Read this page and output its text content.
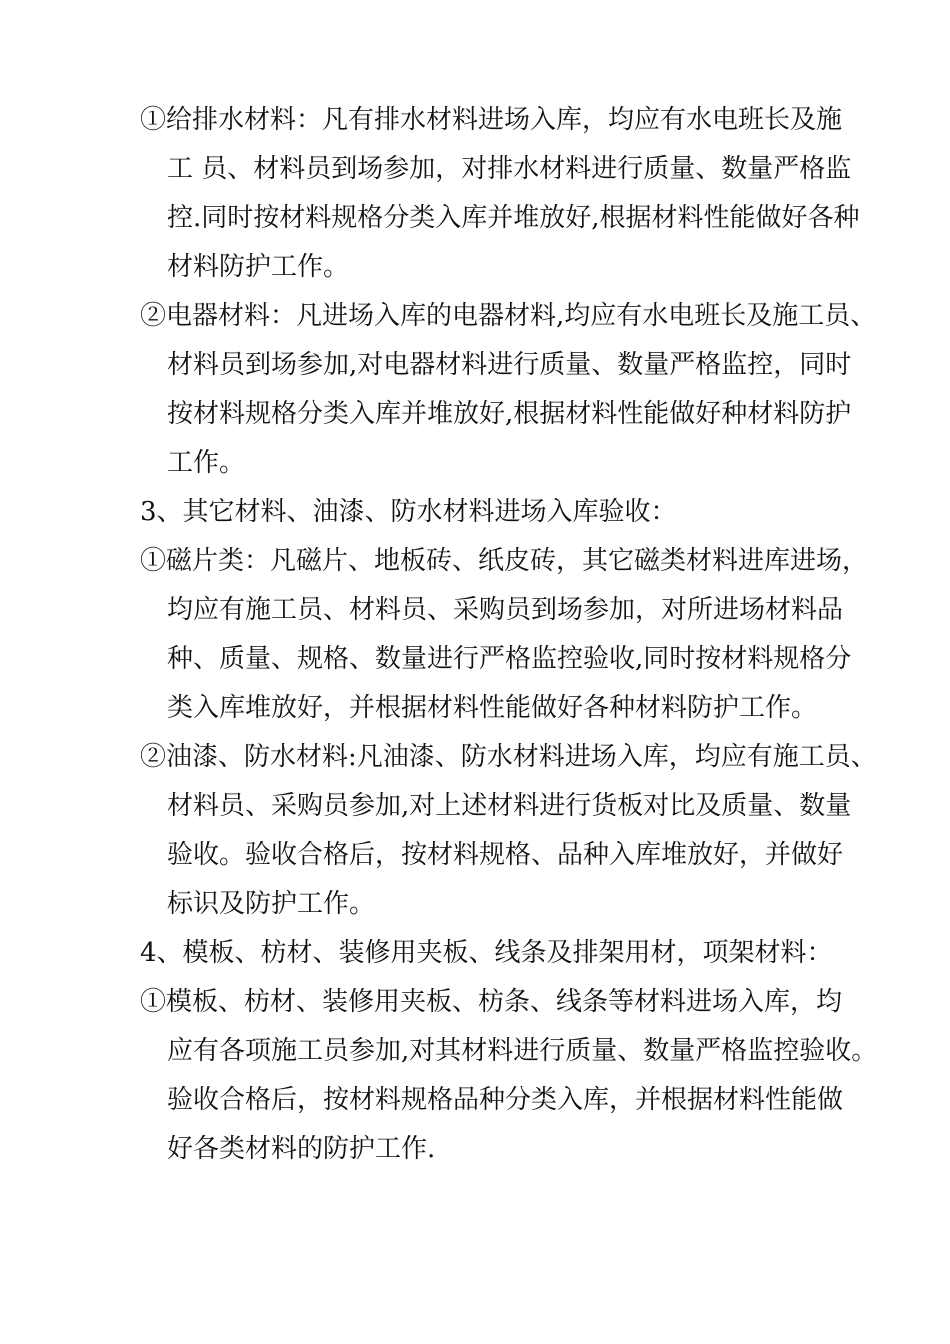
①给排水材料：凡有排水材料进场入库，均应有水电班长及施
工 员、材料员到场参加，对排水材料进行质量、数量严格监
控.同时按材料规格分类入库并堆放好,根据材料性能做好各种
材料防护工作。

②电器材料：凡进场入库的电器材料,均应有水电班长及施工员、
材料员到场参加,对电器材料进行质量、数量严格监控，同时
按材料规格分类入库并堆放好,根据材料性能做好种材料防护
工作。

3、其它材料、油漆、防水材料进场入库验收：

①磁片类：凡磁片、地板砖、纸皮砖，其它磁类材料进库进场，
均应有施工员、材料员、采购员到场参加，对所进场材料品
种、质量、规格、数量进行严格监控验收,同时按材料规格分
类入库堆放好，并根据材料性能做好各种材料防护工作。

②油漆、防水材料:凡油漆、防水材料进场入库，均应有施工员、
材料员、采购员参加,对上述材料进行货板对比及质量、数量
验收。验收合格后，按材料规格、品种入库堆放好，并做好
标识及防护工作。

4、模板、枋材、装修用夹板、线条及排架用材，项架材料：

①模板、枋材、装修用夹板、枋条、线条等材料进场入库，均
应有各项施工员参加,对其材料进行质量、数量严格监控验收。
验收合格后，按材料规格品种分类入库，并根据材料性能做
好各类材料的防护工作.
